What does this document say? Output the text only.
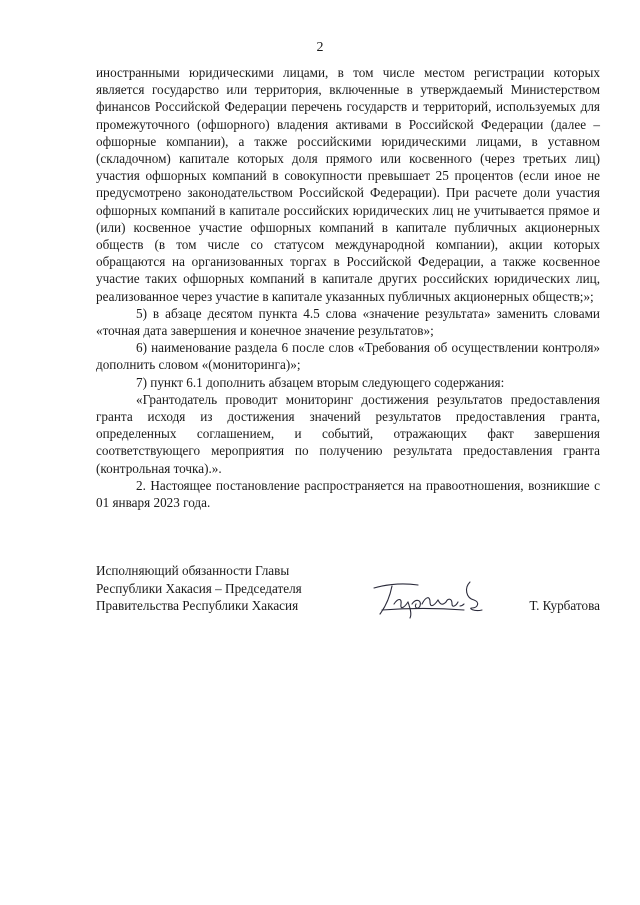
2

иностранными юридическими лицами, в том числе местом регистрации которых является государство или территория, включенные в утверждаемый Министерством финансов Российской Федерации перечень государств и территорий, используемых для промежуточного (офшорного) владения активами в Российской Федерации (далее – офшорные компании), а также российскими юридическими лицами, в уставном (складочном) капитале которых доля прямого или косвенного (через третьих лиц) участия офшорных компаний в совокупности превышает 25 процентов (если иное не предусмотрено законодательством Российской Федерации). При расчете доли участия офшорных компаний в капитале российских юридических лиц не учитывается прямое и (или) косвенное участие офшорных компаний в капитале публичных акционерных обществ (в том числе со статусом международной компании), акции которых обращаются на организованных торгах в Российской Федерации, а также косвенное участие таких офшорных компаний в капитале других российских юридических лиц, реализованное через участие в капитале указанных публичных акционерных обществ;»;

5) в абзаце десятом пункта 4.5 слова «значение результата» заменить словами «точная дата завершения и конечное значение результатов»;

6) наименование раздела 6 после слов «Требования об осуществлении контроля» дополнить словом «(мониторинга)»;

7) пункт 6.1 дополнить абзацем вторым следующего содержания:

«Грантодатель проводит мониторинг достижения результатов предоставления гранта исходя из достижения значений результатов предоставления гранта, определенных соглашением, и событий, отражающих факт завершения соответствующего мероприятия по получению результата предоставления гранта (контрольная точка).».

2. Настоящее постановление распространяется на правоотношения, возникшие с 01 января 2023 года.

Исполняющий обязанности Главы
Республики Хакасия – Председателя
Правительства Республики Хакасия	Т. Курбатова
